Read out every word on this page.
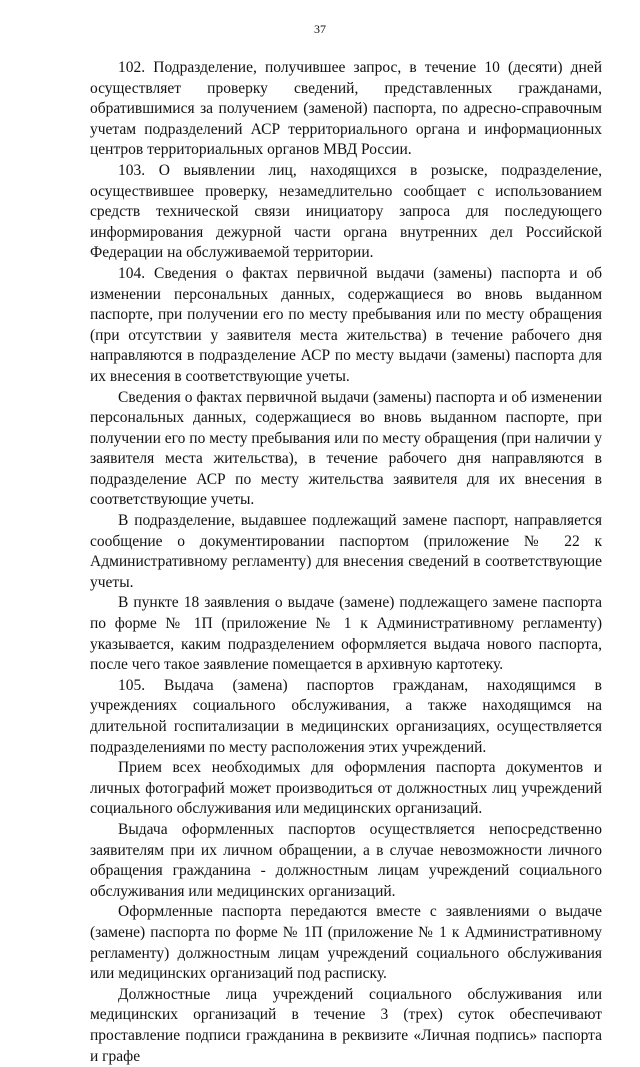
37

102. Подразделение, получившее запрос, в течение 10 (десяти) дней осуществляет проверку сведений, представленных гражданами, обратившимися за получением (заменой) паспорта, по адресно-справочным учетам подразделений АСР территориального органа и информационных центров территориальных органов МВД России.

103. О выявлении лиц, находящихся в розыске, подразделение, осуществившее проверку, незамедлительно сообщает с использованием средств технической связи инициатору запроса для последующего информирования дежурной части органа внутренних дел Российской Федерации на обслуживаемой территории.

104. Сведения о фактах первичной выдачи (замены) паспорта и об изменении персональных данных, содержащиеся во вновь выданном паспорте, при получении его по месту пребывания или по месту обращения (при отсутствии у заявителя места жительства) в течение рабочего дня направляются в подразделение АСР по месту выдачи (замены) паспорта для их внесения в соответствующие учеты.

Сведения о фактах первичной выдачи (замены) паспорта и об изменении персональных данных, содержащиеся во вновь выданном паспорте, при получении его по месту пребывания или по месту обращения (при наличии у заявителя места жительства), в течение рабочего дня направляются в подразделение АСР по месту жительства заявителя для их внесения в соответствующие учеты.

В подразделение, выдавшее подлежащий замене паспорт, направляется сообщение о документировании паспортом (приложение № 22 к Административному регламенту) для внесения сведений в соответствующие учеты.

В пункте 18 заявления о выдаче (замене) подлежащего замене паспорта по форме № 1П (приложение № 1 к Административному регламенту) указывается, каким подразделением оформляется выдача нового паспорта, после чего такое заявление помещается в архивную картотеку.

105. Выдача (замена) паспортов гражданам, находящимся в учреждениях социального обслуживания, а также находящимся на длительной госпитализации в медицинских организациях, осуществляется подразделениями по месту расположения этих учреждений.

Прием всех необходимых для оформления паспорта документов и личных фотографий может производиться от должностных лиц учреждений социального обслуживания или медицинских организаций.

Выдача оформленных паспортов осуществляется непосредственно заявителям при их личном обращении, а в случае невозможности личного обращения гражданина - должностным лицам учреждений социального обслуживания или медицинских организаций.

Оформленные паспорта передаются вместе с заявлениями о выдаче (замене) паспорта по форме № 1П (приложение № 1 к Административному регламенту) должностным лицам учреждений социального обслуживания или медицинских организаций под расписку.

Должностные лица учреждений социального обслуживания или медицинских организаций в течение 3 (трех) суток обеспечивают проставление подписи гражданина в реквизите «Личная подпись» паспорта и графе
